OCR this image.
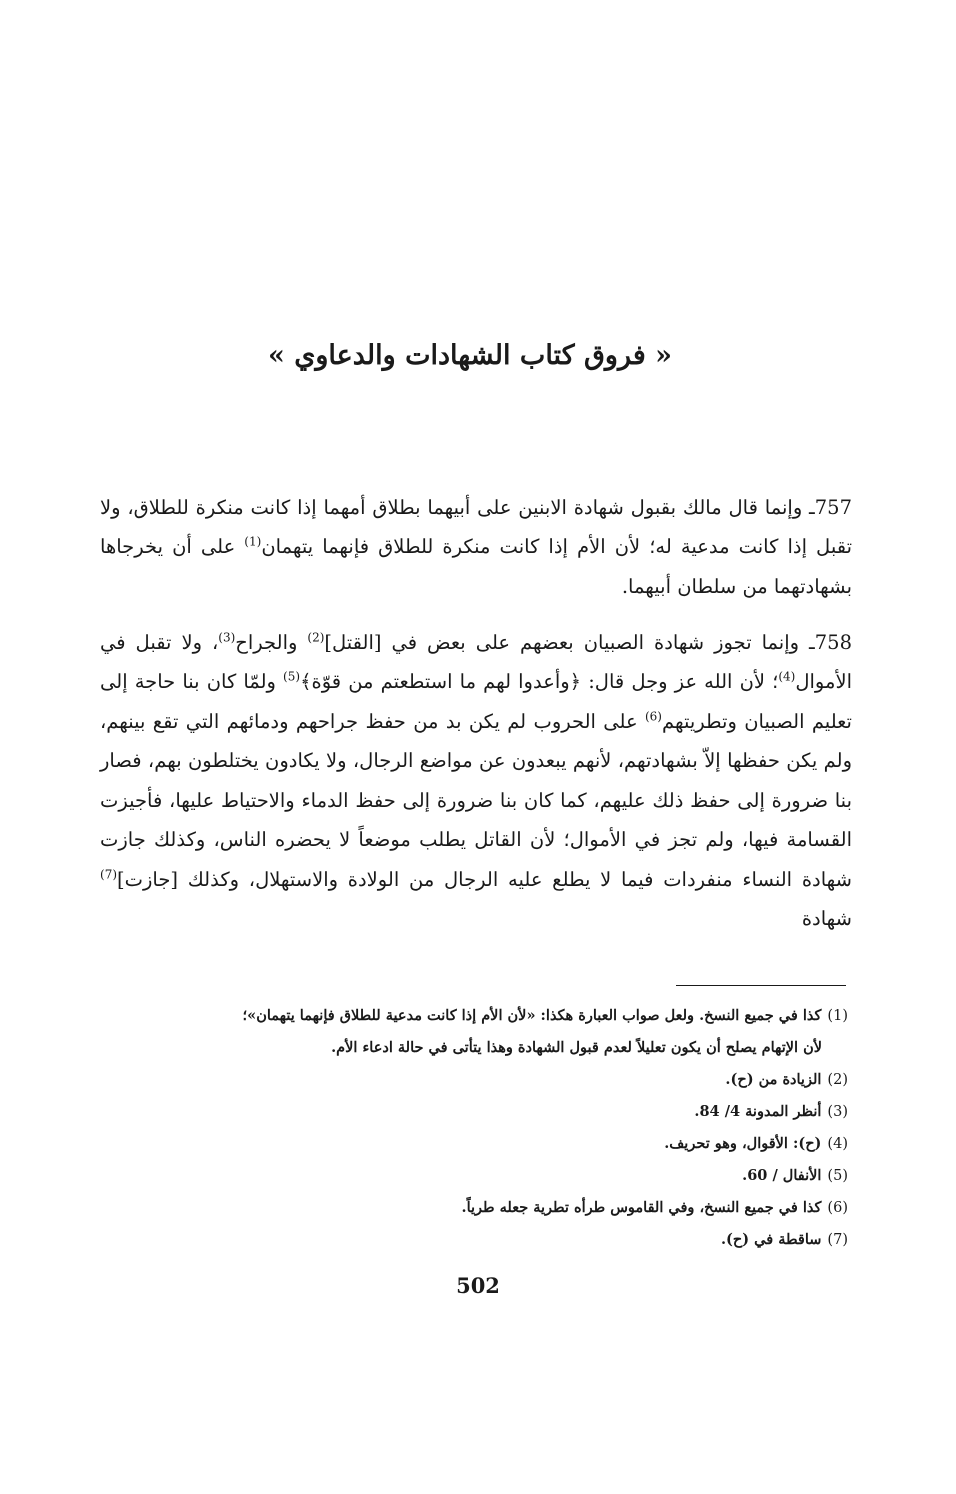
« فروق كتاب الشهادات والدعاوي »

757ـ وإنما قال مالك بقبول شهادة الابنين على أبيهما بطلاق أمهما إذا كانت منكرة للطلاق، ولا تقبل إذا كانت مدعية له؛ لأن الأم إذا كانت منكرة للطلاق فإنهما يتهمان$^{(1)}$ على أن يخرجاها بشهادتهما من سلطان أبيهما.

758ـ وإنما تجوز شهادة الصبيان بعضهم على بعض في [القتل]$^{(2)}$ والجراح$^{(3)}$، ولا تقبل في الأموال$^{(4)}$؛ لأن الله عز وجل قال: ﴿وأعدوا لهم ما استطعتم من قوّة﴾$^{(5)}$ ولمّا كان بنا حاجة إلى تعليم الصبيان وتطريتهم$^{(6)}$ على الحروب لم يكن بد من حفظ جراحهم ودمائهم التي تقع بينهم، ولم يكن حفظها إلاّ بشهادتهم، لأنهم يبعدون عن مواضع الرجال، ولا يكادون يختلطون بهم، فصار بنا ضرورة إلى حفظ ذلك عليهم، كما كان بنا ضرورة إلى حفظ الدماء والاحتياط عليها، فأجيزت القسامة فيها، ولم تجز في الأموال؛ لأن القاتل يطلب موضعاً لا يحضره الناس، وكذلك جازت شهادة النساء منفردات فيما لا يطلع عليه الرجال من الولادة والاستهلال، وكذلك [جازت]$^{(7)}$ شهادة

(1)كذا في جميع النسخ. ولعل صواب العبارة هكذا: «لأن الأم إذا كانت مدعية للطلاق فإنهما يتهمان»؛

لأن الإتهام يصلح أن يكون تعليلاً لعدم قبول الشهادة وهذا يتأتى في حالة ادعاء الأم.

(2)الزيادة من (ح).

(3)أنظر المدونة 4/ 84.

(4)(ح): الأقوال، وهو تحريف.

(5)الأنفال / 60.

(6)كذا في جميع النسخ، وفي القاموس طرأه تطرية جعله طرياً.

(7)ساقطة في (ح).

502
